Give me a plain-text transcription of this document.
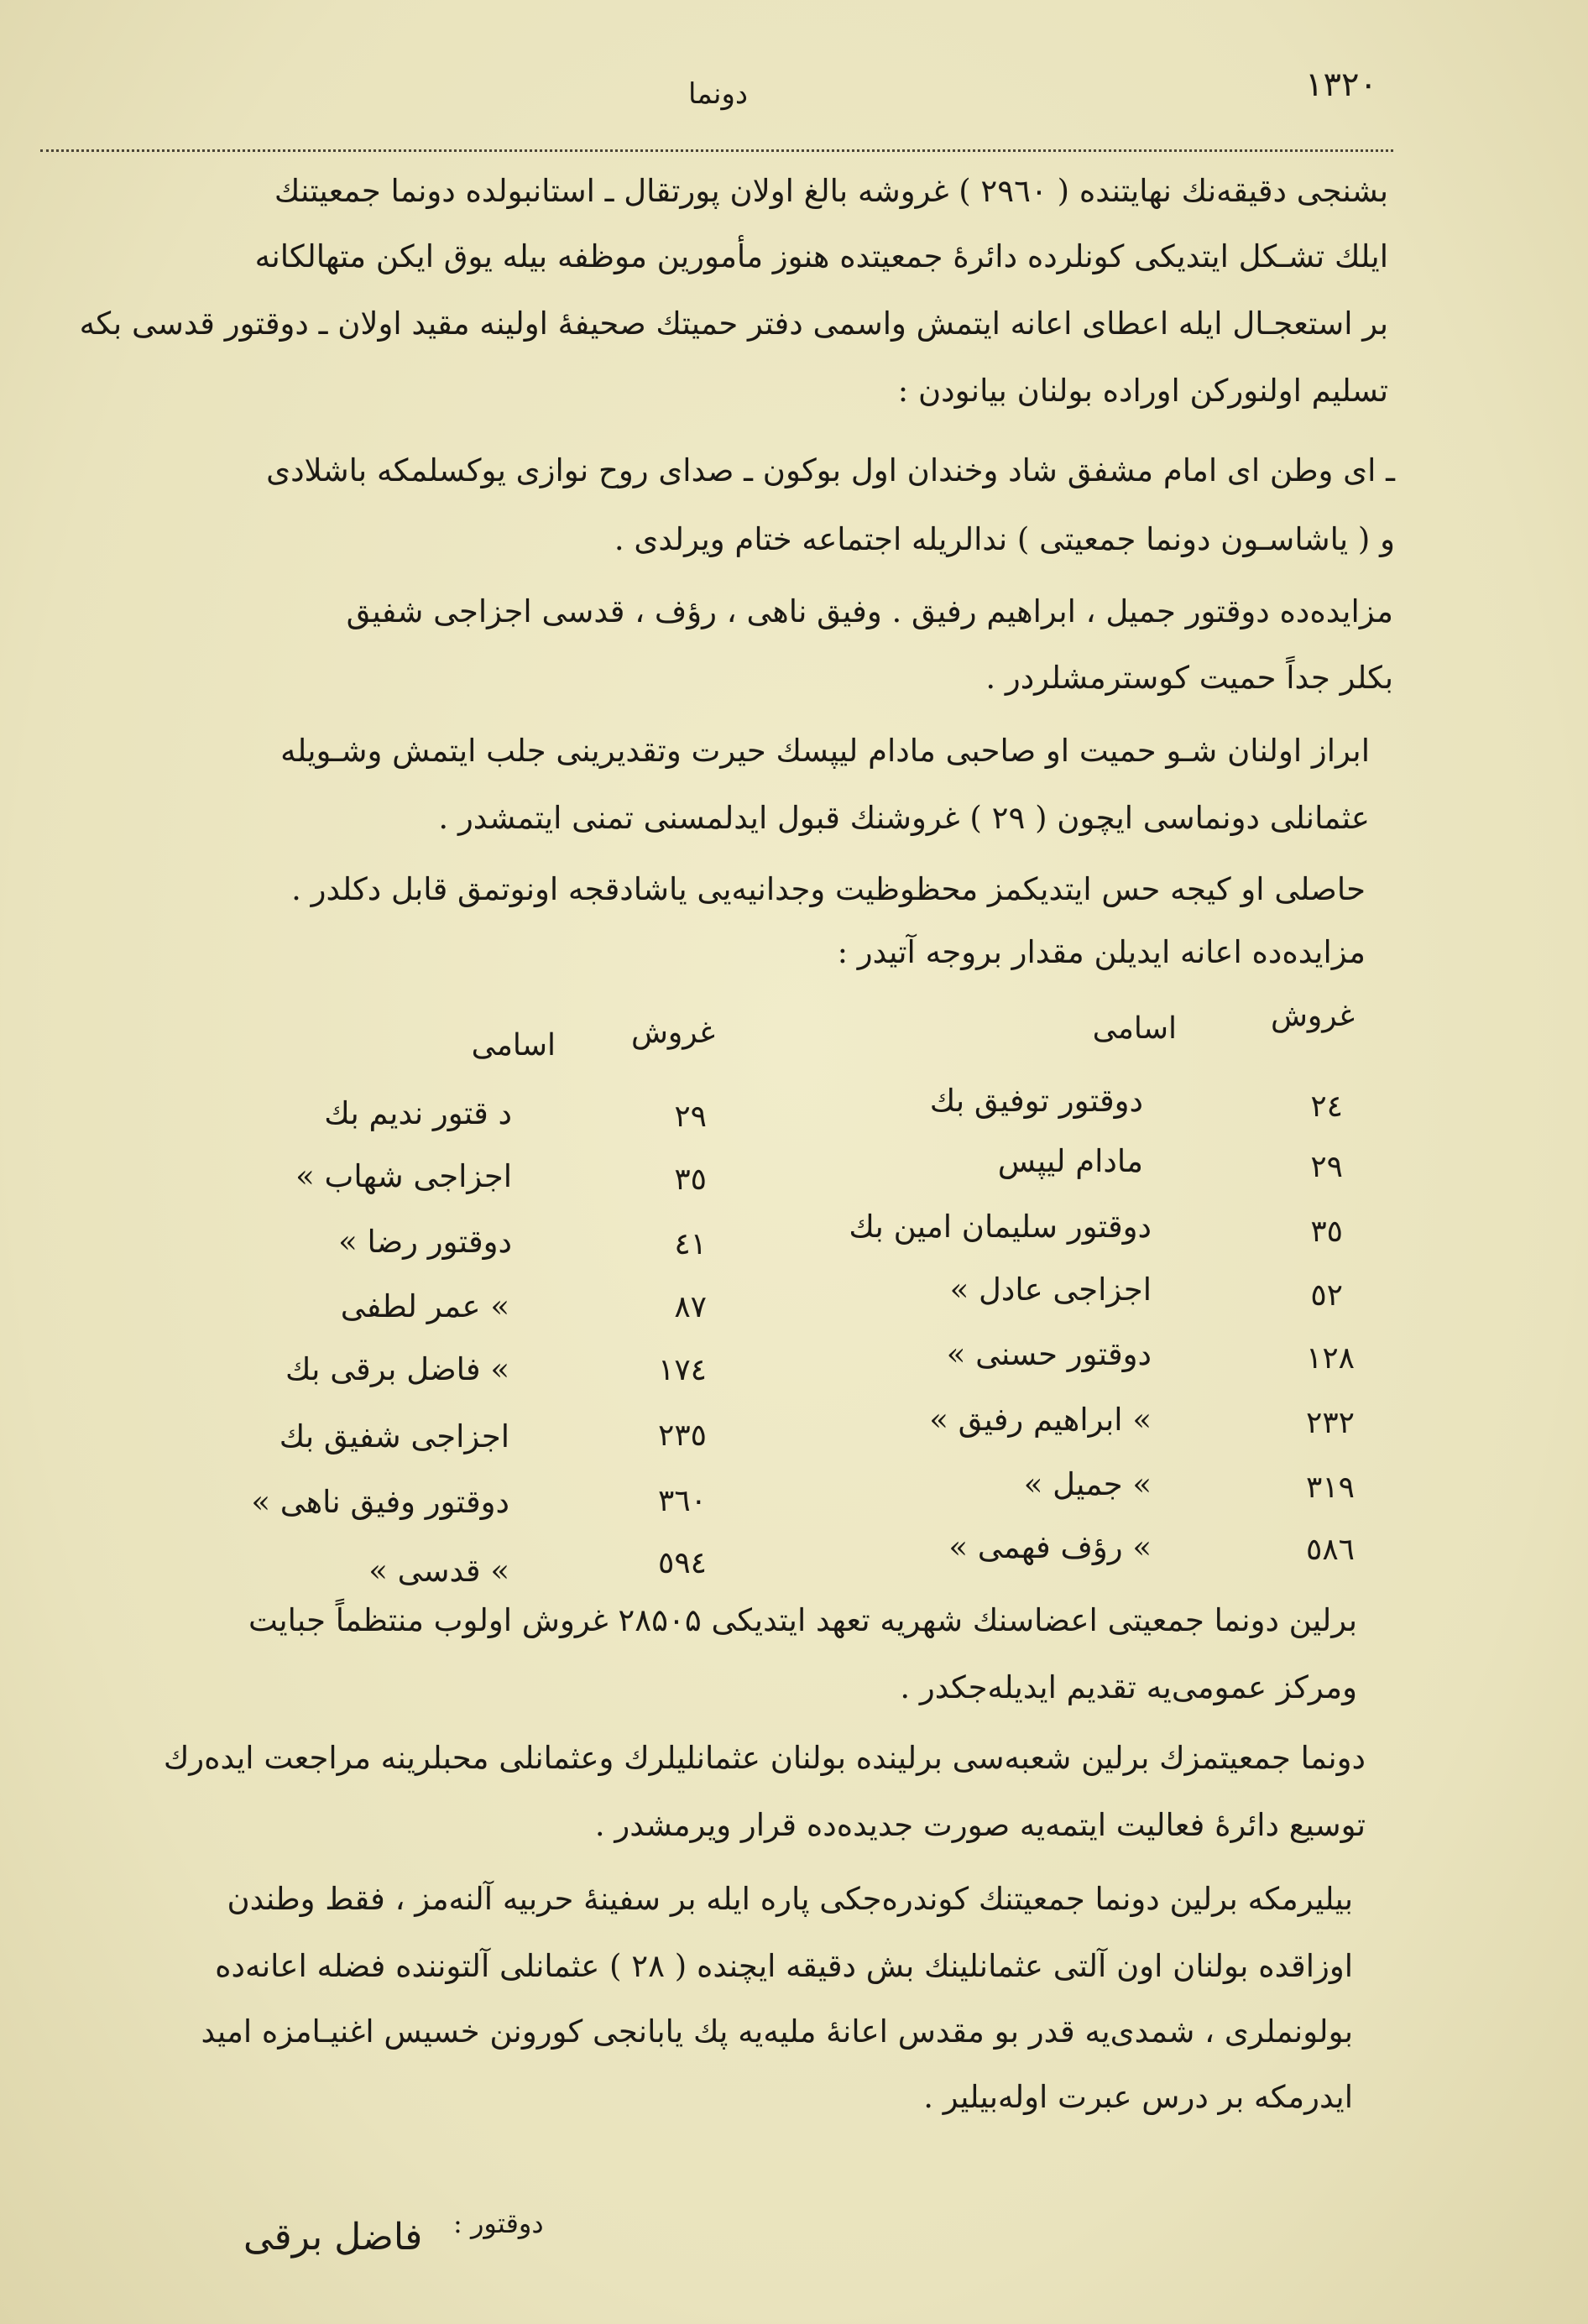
١٣٢٠
دونما
بشنجی دقیقه‌نك نهایتنده ( ۲۹٦۰ ) غروشه بالغ اولان پورتقال ـ استانبولده دونما جمعیتنك
ایلك تشـكل ایتدیكی كونلرده دائرهٔ جمعیتده هنوز مأمورین موظفه بیله یوق ایكن متهالكانه
بر استعجـال ایله اعطای اعانه ایتمش واسمی دفتر حمیتك صحیفهٔ اولینه مقید اولان ـ دوقتور قدسی بكه
تسلیم اولنورکن اوراده بولنان بیانودن :
ـ ای وطن ای امام مشفق شاد وخندان اول بوكون ـ صدای روح نوازی یوكسلمكه باشلادی
و ( یاشاسـون دونما جمعیتی ) ندالریله اجتماعه ختام ویرلدی .
مزایده‌ده دوقتور جمیل ، ابراهیم رفیق . وفیق ناهی ، رؤف ، قدسی اجزاجی شفیق
بكلر جداً حمیت كوسترمشلردر .
ابراز اولنان شـو حمیت او صاحبی مادام لیپسك حیرت وتقدیرینی جلب ایتمش وشـویله
عثمانلی دونماسی ایچون ( ۲۹ ) غروشنك قبول ایدلمسنی تمنی ایتمشدر .
حاصلی او كیجه حس ایتدیكمز محظوظیت وجدانیه‌یی یاشادقجه اونوتمق قابل دكلدر .
مزایده‌ده اعانه ایدیلن مقدار بروجه آتیدر :
غروش
اسامی
غروش
اسامی
۲٤
دوقتور توفیق بك
۲۹
مادام لیپس
۳٥
دوقتور سلیمان امین بك
٥۲
اجزاجی عادل »
۱۲۸
دوقتور حسنی »
۲۳۲
» ابراهیم رفیق »
۳۱۹
» جمیل »
٥۸٦
» رؤف فهمی »
۲۹
د قتور ندیم بك
۳٥
اجزاجی شهاب »
٤۱
دوقتور رضا »
۸۷
» عمر لطفی
۱۷٤
» فاضل برقی بك
۲۳٥
اجزاجی شفیق بك
۳٦۰
دوقتور وفیق ناهی »
٥۹٤
» قدسی »
برلین دونما جمعیتی اعضاسنك شهریه تعهد ایتدیكی ۲۸۵۰۵ غروش اولوب منتظماً جبایت
ومركز عمومی‌یه تقدیم ایدیله‌جكدر .
دونما جمعیتمزك برلین شعبه‌سی برلینده بولنان عثمانلیلرك وعثمانلی محبلرینه مراجعت ایده‌رك
توسیع دائرهٔ فعالیت ایتمه‌یه صورت جدیده‌ده قرار ویرمشدر .
بیلیرمكه برلین دونما جمعیتنك كوندره‌جكی پاره ایله بر سفینهٔ حربیه آلنه‌مز ، فقط وطندن
اوزاقده بولنان اون آلتی عثمانلینك بش دقیقه ایچنده ( ۲۸ ) عثمانلی آلتوننده فضله اعانه‌ده
بولونملری ، شمدی‌یه قدر بو مقدس اعانهٔ ملیه‌یه پك یابانجی كورونن خسیس اغنیـامزه امید
ایدرمكه بر درس عبرت اوله‌بیلیر .
دوقتور :
فاضل برقی
